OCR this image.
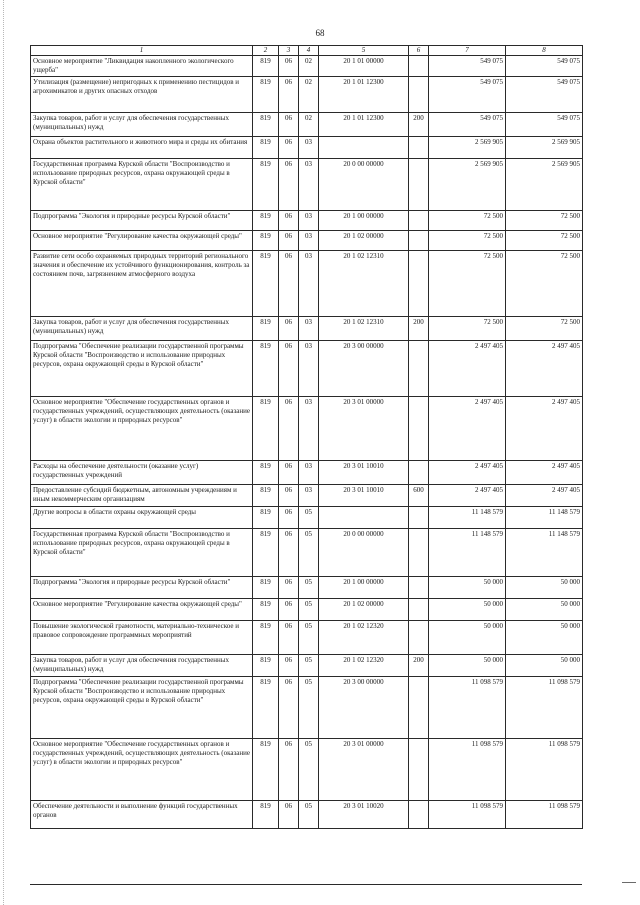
68
1	2	3	4	5	6	7	8
Основное мероприятие "Ликвидация накопленного экологического ущерба"	819	06	02	20 1 01 00000		549 075	549 075
Утилизация (размещение) непригодных к применению пестицидов и агрохимикатов и других опасных отходов	819	06	02	20 1 01 12300		549 075	549 075
Закупка товаров, работ и услуг для обеспечения государственных (муниципальных) нужд	819	06	02	20 1 01 12300	200	549 075	549 075
Охрана объектов растительного и животного мира и среды их обитания	819	06	03			2 569 905	2 569 905
Государственная программа Курской области "Воспроизводство и использование природных ресурсов, охрана окружающей среды в Курской области"	819	06	03	20 0 00 00000		2 569 905	2 569 905
Подпрограмма "Экология и природные ресурсы Курской области"	819	06	03	20 1 00 00000		72 500	72 500
Основное мероприятие "Регулирование качества окружающей среды"	819	06	03	20 1 02 00000		72 500	72 500
Развитие сети особо охраняемых природных территорий регионального значения и обеспечение их устойчивого функционирования, контроль за состоянием почв, загрязнением атмосферного воздуха	819	06	03	20 1 02 12310		72 500	72 500
Закупка товаров, работ и услуг для обеспечения государственных (муниципальных) нужд	819	06	03	20 1 02 12310	200	72 500	72 500
Подпрограмма "Обеспечение реализации государственной программы Курской области "Воспроизводство и использование природных ресурсов, охрана окружающей среды в Курской области"	819	06	03	20 3 00 00000		2 497 405	2 497 405
Основное мероприятие "Обеспечение государственных органов и государственных учреждений, осуществляющих деятельность (оказание услуг) в области экологии и природных ресурсов"	819	06	03	20 3 01 00000		2 497 405	2 497 405
Расходы на обеспечение деятельности (оказание услуг) государственных учреждений	819	06	03	20 3 01 10010		2 497 405	2 497 405
Предоставление субсидий бюджетным, автономным учреждениям и иным некоммерческим организациям	819	06	03	20 3 01 10010	600	2 497 405	2 497 405
Другие вопросы в области охраны окружающей среды	819	06	05			11 148 579	11 148 579
Государственная программа Курской области "Воспроизводство и использование природных ресурсов, охрана окружающей среды в Курской области"	819	06	05	20 0 00 00000		11 148 579	11 148 579
Подпрограмма "Экология и природные ресурсы Курской области"	819	06	05	20 1 00 00000		50 000	50 000
Основное мероприятие "Регулирование качества окружающей среды"	819	06	05	20 1 02 00000		50 000	50 000
Повышение экологической грамотности, материально-техническое и правовое сопровождение программных мероприятий	819	06	05	20 1 02 12320		50 000	50 000
Закупка товаров, работ и услуг для обеспечения государственных (муниципальных) нужд	819	06	05	20 1 02 12320	200	50 000	50 000
Подпрограмма "Обеспечение реализации государственной программы Курской области "Воспроизводство и использование природных ресурсов, охрана окружающей среды в Курской области"	819	06	05	20 3 00 00000		11 098 579	11 098 579
Основное мероприятие "Обеспечение государственных органов и государственных учреждений, осуществляющих деятельность (оказание услуг) в области экологии и природных ресурсов"	819	06	05	20 3 01 00000		11 098 579	11 098 579
Обеспечение деятельности и выполнение функций государственных органов	819	06	05	20 3 01 10020		11 098 579	11 098 579
